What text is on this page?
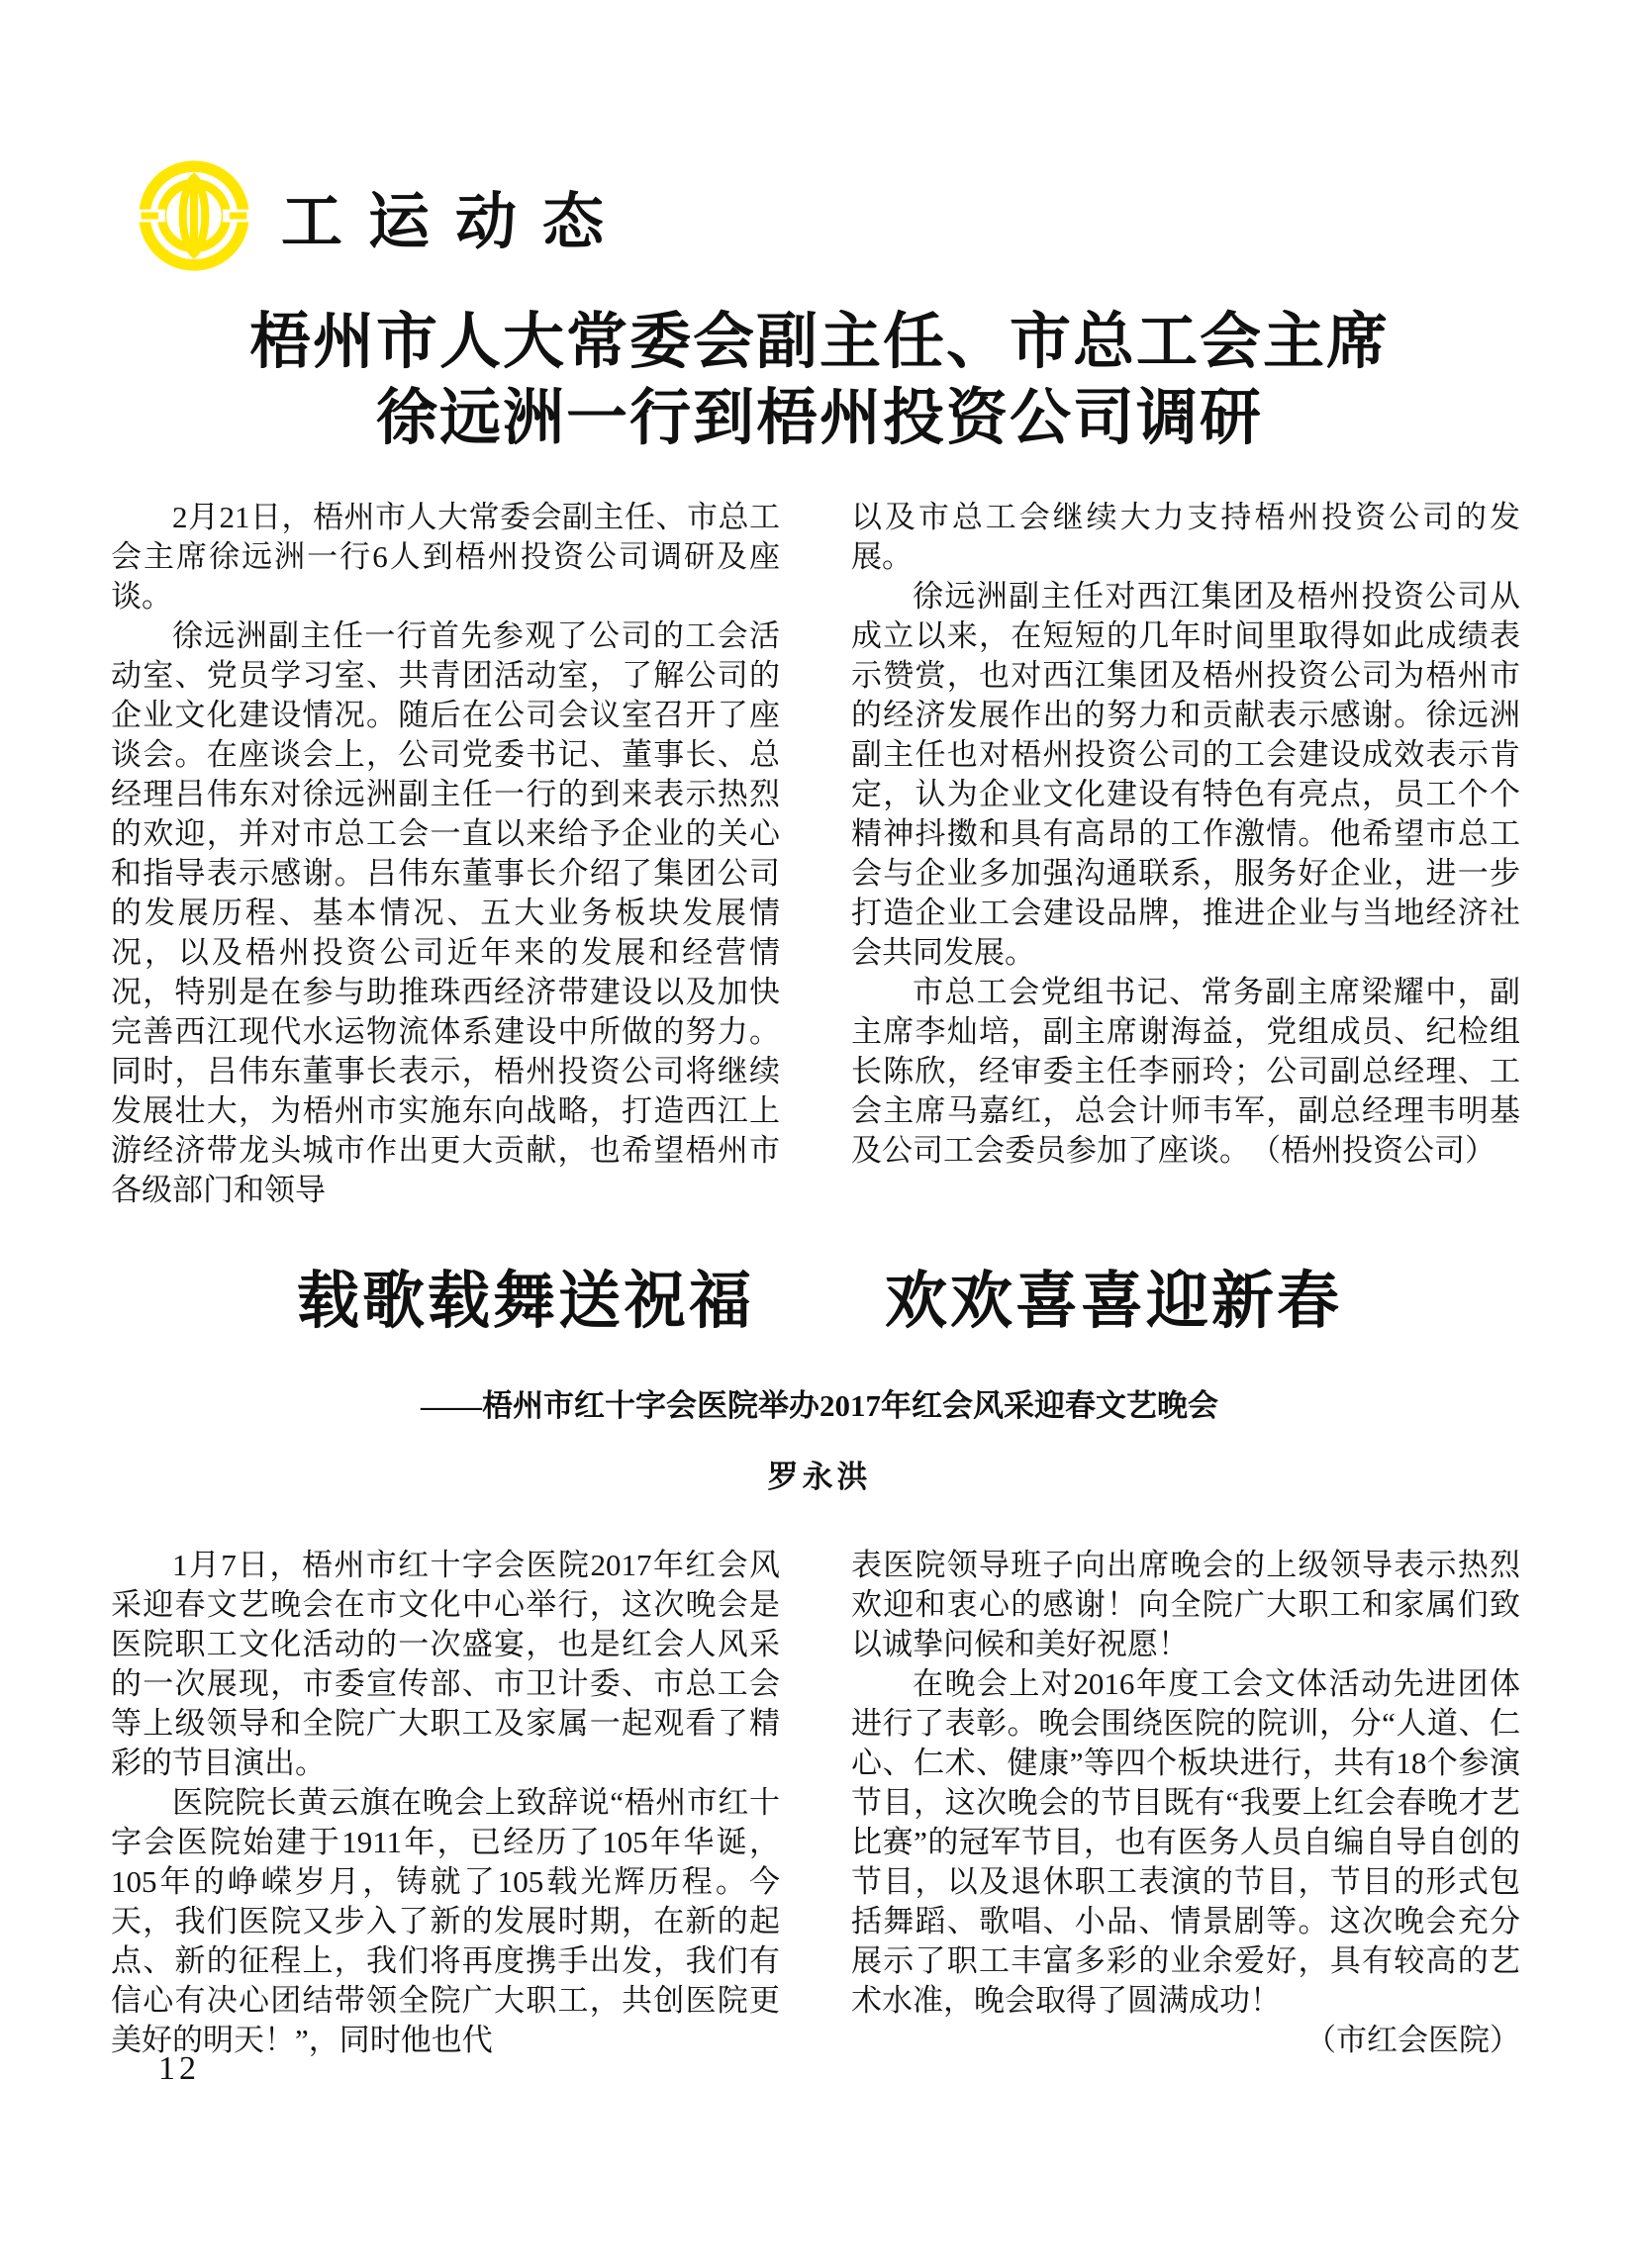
工运动态
梧州市人大常委会副主任、市总工会主席
徐远洲一行到梧州投资公司调研

2月21日，梧州市人大常委会副主任、市总工会主席徐远洲一行6人到梧州投资公司调研及座谈。

徐远洲副主任一行首先参观了公司的工会活动室、党员学习室、共青团活动室，了解公司的企业文化建设情况。随后在公司会议室召开了座谈会。在座谈会上，公司党委书记、董事长、总经理吕伟东对徐远洲副主任一行的到来表示热烈的欢迎，并对市总工会一直以来给予企业的关心和指导表示感谢。吕伟东董事长介绍了集团公司的发展历程、基本情况、五大业务板块发展情况，以及梧州投资公司近年来的发展和经营情况，特别是在参与助推珠西经济带建设以及加快完善西江现代水运物流体系建设中所做的努力。同时，吕伟东董事长表示，梧州投资公司将继续发展壮大，为梧州市实施东向战略，打造西江上游经济带龙头城市作出更大贡献，也希望梧州市各级部门和领导

以及市总工会继续大力支持梧州投资公司的发展。

徐远洲副主任对西江集团及梧州投资公司从成立以来，在短短的几年时间里取得如此成绩表示赞赏，也对西江集团及梧州投资公司为梧州市的经济发展作出的努力和贡献表示感谢。徐远洲副主任也对梧州投资公司的工会建设成效表示肯定，认为企业文化建设有特色有亮点，员工个个精神抖擞和具有高昂的工作激情。他希望市总工会与企业多加强沟通联系，服务好企业，进一步打造企业工会建设品牌，推进企业与当地经济社会共同发展。

市总工会党组书记、常务副主席梁耀中，副主席李灿培，副主席谢海益，党组成员、纪检组长陈欣，经审委主任李丽玲；公司副总经理、工会主席马嘉红，总会计师韦军，副总经理韦明基及公司工会委员参加了座谈。　（梧州投资公司）

载歌载舞送祝福　　欢欢喜喜迎新春
——梧州市红十字会医院举办2017年红会风采迎春文艺晚会
罗永洪

1月7日，梧州市红十字会医院2017年红会风采迎春文艺晚会在市文化中心举行，这次晚会是医院职工文化活动的一次盛宴，也是红会人风采的一次展现，市委宣传部、市卫计委、市总工会等上级领导和全院广大职工及家属一起观看了精彩的节目演出。

医院院长黄云旗在晚会上致辞说“梧州市红十字会医院始建于1911年，已经历了105年华诞，105年的峥嵘岁月，铸就了105载光辉历程。今天，我们医院又步入了新的发展时期，在新的起点、新的征程上，我们将再度携手出发，我们有信心有决心团结带领全院广大职工，共创医院更美好的明天！”，同时他也代

表医院领导班子向出席晚会的上级领导表示热烈欢迎和衷心的感谢！向全院广大职工和家属们致以诚挚问候和美好祝愿！

在晚会上对2016年度工会文体活动先进团体进行了表彰。晚会围绕医院的院训，分“人道、仁心、仁术、健康”等四个板块进行，共有18个参演节目，这次晚会的节目既有“我要上红会春晚才艺比赛”的冠军节目，也有医务人员自编自导自创的节目，以及退休职工表演的节目，节目的形式包括舞蹈、歌唱、小品、情景剧等。这次晚会充分展示了职工丰富多彩的业余爱好，具有较高的艺术水准，晚会取得了圆满成功！

（市红会医院）

12
